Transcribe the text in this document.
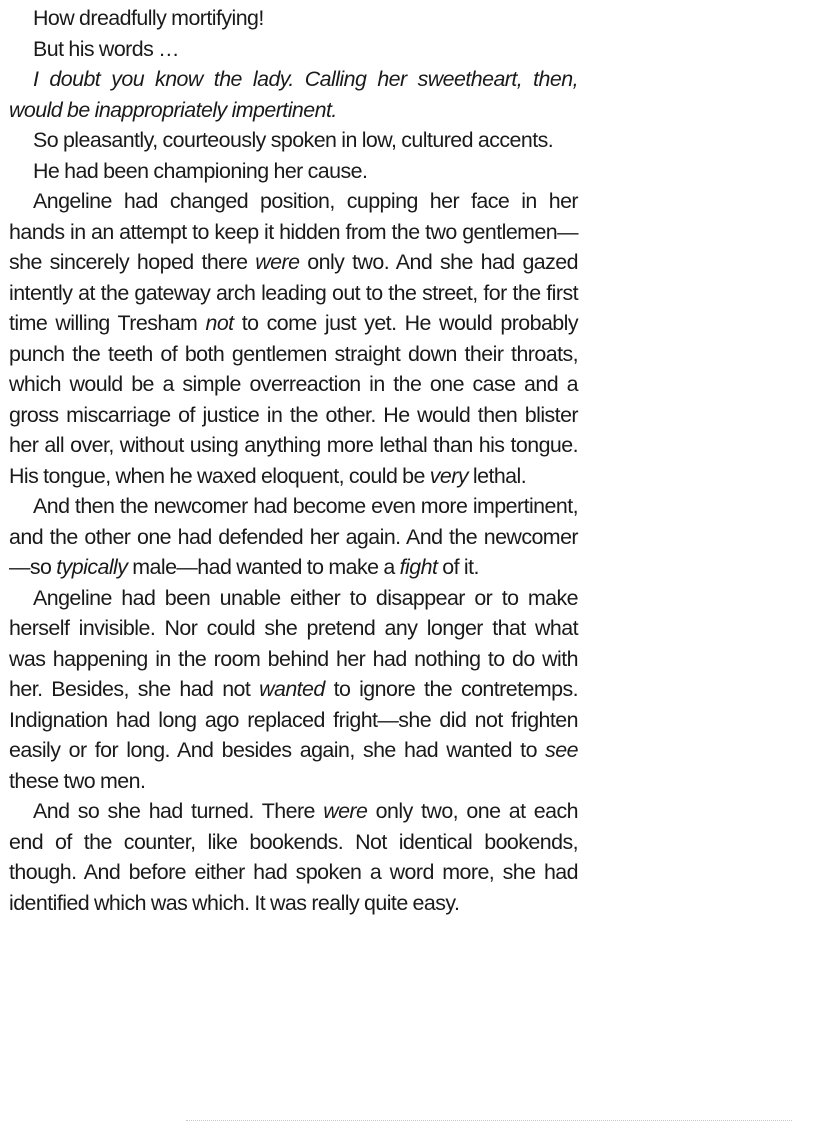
How dreadfully mortifying!

But his words …

I doubt you know the lady. Calling her sweetheart, then, would be inappropriately impertinent.

So pleasantly, courteously spoken in low, cultured accents.

He had been championing her cause.

Angeline had changed position, cupping her face in her hands in an attempt to keep it hidden from the two gentlemen—she sincerely hoped there were only two. And she had gazed intently at the gateway arch leading out to the street, for the first time willing Tresham not to come just yet. He would probably punch the teeth of both gentlemen straight down their throats, which would be a simple overreaction in the one case and a gross miscarriage of justice in the other. He would then blister her all over, without using anything more lethal than his tongue. His tongue, when he waxed eloquent, could be very lethal.

And then the newcomer had become even more impertinent, and the other one had defended her again. And the newcomer—so typically male—had wanted to make a fight of it.

Angeline had been unable either to disappear or to make herself invisible. Nor could she pretend any longer that what was happening in the room behind her had nothing to do with her. Besides, she had not wanted to ignore the contretemps. Indignation had long ago replaced fright—she did not frighten easily or for long. And besides again, she had wanted to see these two men.

And so she had turned. There were only two, one at each end of the counter, like bookends. Not identical bookends, though. And before either had spoken a word more, she had identified which was which. It was really quite easy.
